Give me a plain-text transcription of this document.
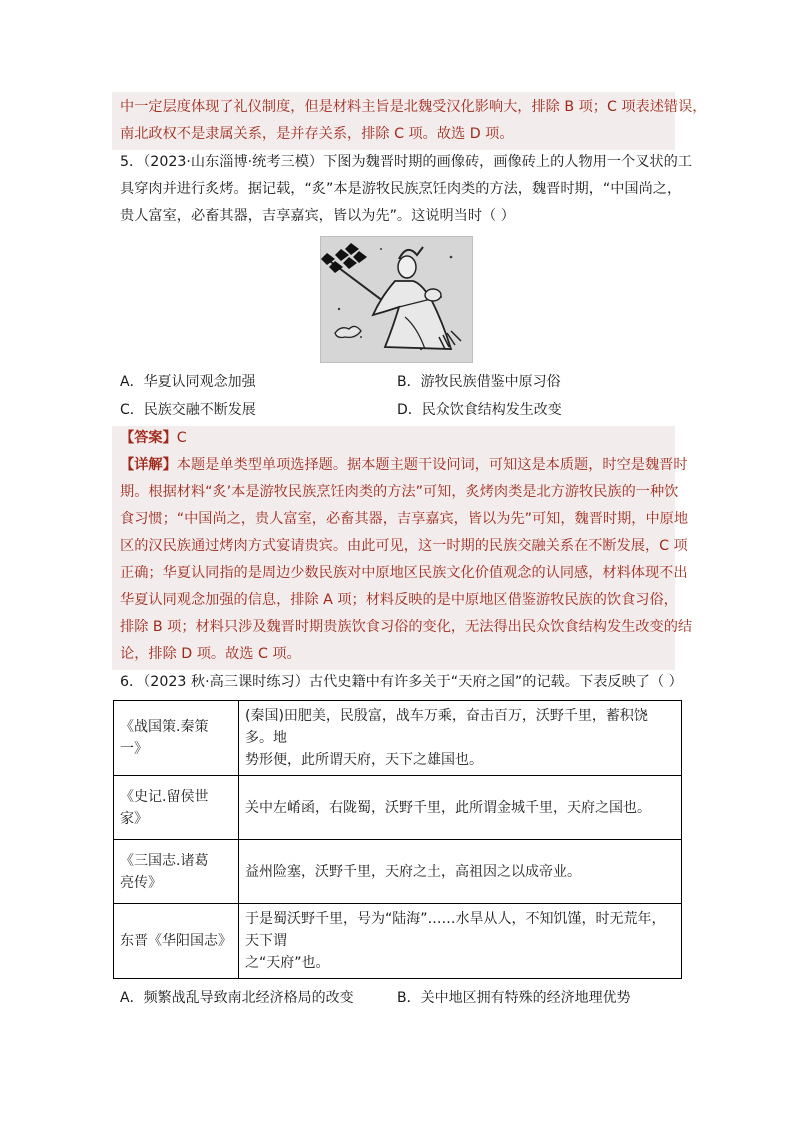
中一定层度体现了礼仪制度，但是材料主旨是北魏受汉化影响大，排除 B 项；C 项表述错误，
南北政权不是隶属关系，是并存关系，排除 C 项。故选 D 项。
5．（2023·山东淄博·统考三模）下图为魏晋时期的画像砖，画像砖上的人物用一个叉状的工
具穿肉并进行炙烤。据记载，“炙”本是游牧民族烹饪肉类的方法，魏晋时期，“中国尚之，
贵人富室，必畜其器，吉享嘉宾，皆以为先”。这说明当时（ ）
A．华夏认同观念加强	B．游牧民族借鉴中原习俗
C．民族交融不断发展	D．民众饮食结构发生改变
【答案】C
【详解】本题是单类型单项选择题。据本题主题干设问词，可知这是本质题，时空是魏晋时
期。根据材料“炙’本是游牧民族烹饪肉类的方法”可知，炙烤肉类是北方游牧民族的一种饮
食习惯；“中国尚之，贵人富室，必畜其器，吉享嘉宾，皆以为先”可知，魏晋时期，中原地
区的汉民族通过烤肉方式宴请贵宾。由此可见，这一时期的民族交融关系在不断发展，C 项
正确；华夏认同指的是周边少数民族对中原地区民族文化价值观念的认同感，材料体现不出
华夏认同观念加强的信息，排除 A 项；材料反映的是中原地区借鉴游牧民族的饮食习俗，
排除 B 项；材料只涉及魏晋时期贵族饮食习俗的变化，无法得出民众饮食结构发生改变的结
论，排除 D 项。故选 C 项。
6．（2023 秋·高三课时练习）古代史籍中有许多关于“天府之国”的记载。下表反映了（ ）
《战国策.秦策
一》	(秦国)田肥美，民殷富，战车万乘，奋击百万，沃野千里，蓄积饶多。地
势形便，此所谓天府，天下之雄国也。
《史记.留侯世
家》	关中左崤函，右陇蜀，沃野千里，此所谓金城千里，天府之国也。
《三国志.诸葛
亮传》	益州险塞，沃野千里，天府之土，高祖因之以成帝业。
东晋《华阳国志》	于是蜀沃野千里，号为“陆海”……水旱从人，不知饥馑，时无荒年，天下谓
之“天府”也。
A．频繁战乱导致南北经济格局的改变	B．关中地区拥有特殊的经济地理优势
